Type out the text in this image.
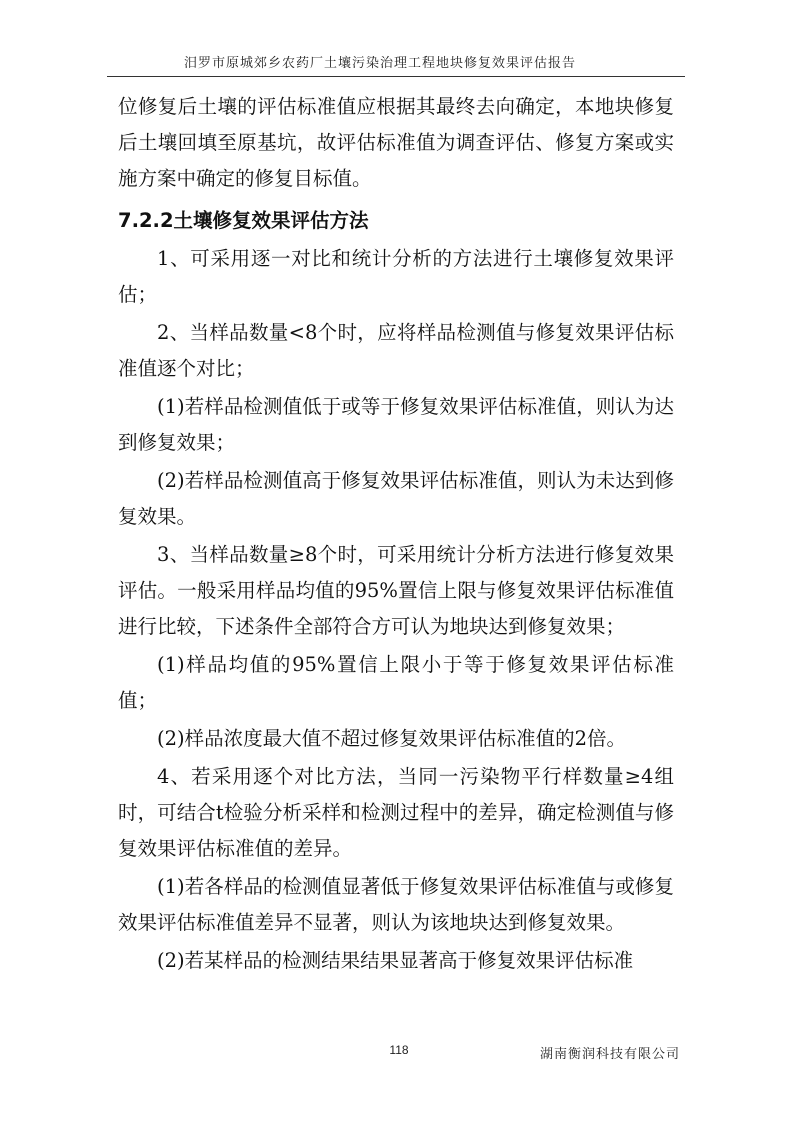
汨罗市原城郊乡农药厂土壤污染治理工程地块修复效果评估报告

位修复后土壤的评估标准值应根据其最终去向确定，本地块修复后土壤回填至原基坑，故评估标准值为调查评估、修复方案或实施方案中确定的修复目标值。

7.2.2土壤修复效果评估方法

1、可采用逐一对比和统计分析的方法进行土壤修复效果评估；

2、当样品数量<8个时，应将样品检测值与修复效果评估标准值逐个对比；

(1)若样品检测值低于或等于修复效果评估标准值，则认为达到修复效果；

(2)若样品检测值高于修复效果评估标准值，则认为未达到修复效果。

3、当样品数量≥8个时，可采用统计分析方法进行修复效果评估。一般采用样品均值的95%置信上限与修复效果评估标准值进行比较，下述条件全部符合方可认为地块达到修复效果；

(1)样品均值的95%置信上限小于等于修复效果评估标准值；

(2)样品浓度最大值不超过修复效果评估标准值的2倍。

4、若采用逐个对比方法，当同一污染物平行样数量≥4组时，可结合t检验分析采样和检测过程中的差异，确定检测值与修复效果评估标准值的差异。

(1)若各样品的检测值显著低于修复效果评估标准值与或修复效果评估标准值差异不显著，则认为该地块达到修复效果。

(2)若某样品的检测结果结果显著高于修复效果评估标准

118	湖南衡润科技有限公司
